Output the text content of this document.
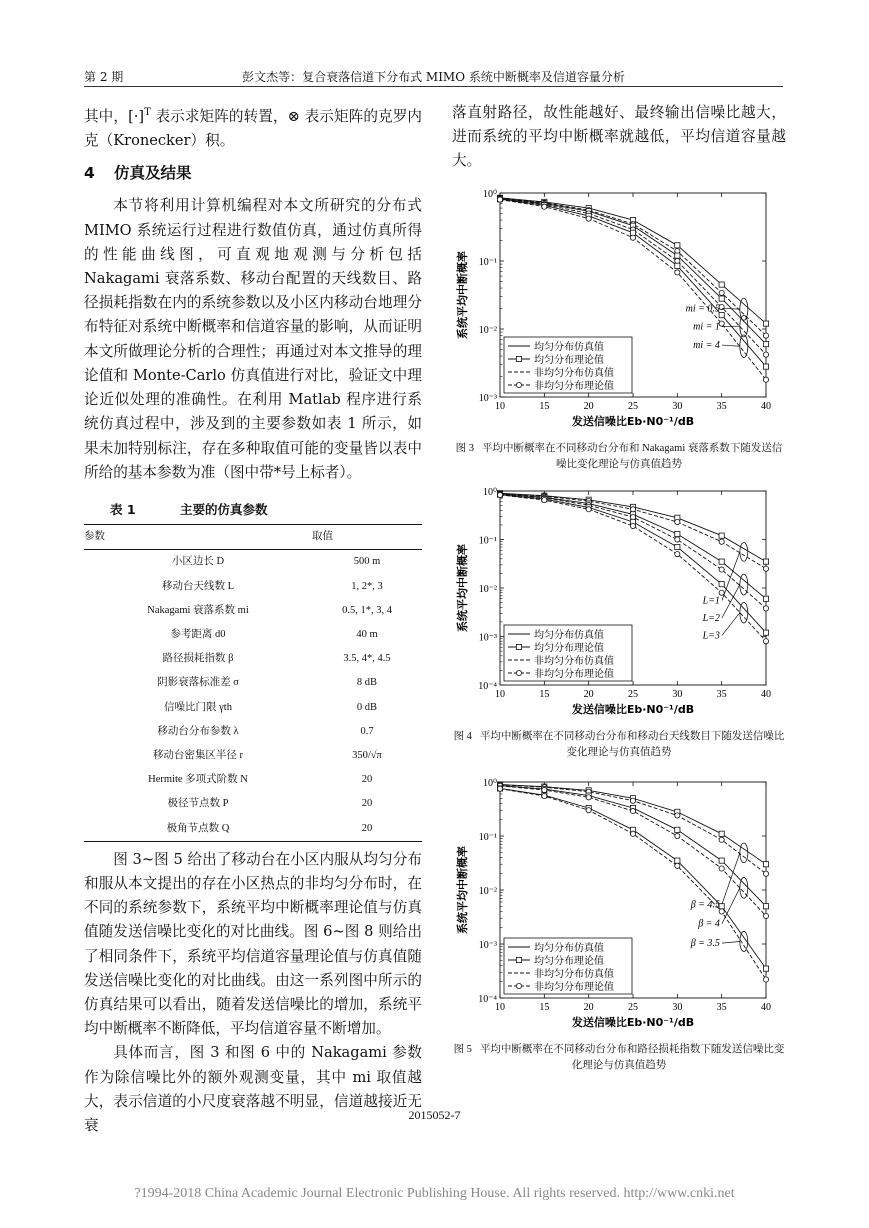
第 2 期	彭文杰等：复合衰落信道下分布式 MIMO 系统中断概率及信道容量分析

其中，$[\cdot]^T$ 表示求矩阵的转置，⊗ 表示矩阵的克罗内克（Kronecker）积。

4	仿真及结果

本节将利用计算机编程对本文所研究的分布式 MIMO 系统运行过程进行数值仿真，通过仿真所得的性能曲线图，可直观地观测与分析包括 Nakagami 衰落系数、移动台配置的天线数目、路径损耗指数在内的系统参数以及小区内移动台地理分布特征对系统中断概率和信道容量的影响，从而证明本文所做理论分析的合理性；再通过对本文推导的理论值和 Monte-Carlo 仿真值进行对比，验证文中理论近似处理的准确性。在利用 Matlab 程序进行系统仿真过程中，涉及到的主要参数如表 1 所示，如果未加特别标注，存在多种取值可能的变量皆以表中所给的基本参数为准（图中带*号上标者）。

表 1	主要的仿真参数
参数	取值
小区边长 D	500 m
移动台天线数 L	1, 2*, 3
Nakagami 衰落系数 mi	0.5, 1*, 3, 4
参考距离 d0	40 m
路径损耗指数 β	3.5, 4*, 4.5
阴影衰落标准差 σ	8 dB
信噪比门限 γth	0 dB
移动台分布参数 λ	0.7
移动台密集区半径 r	350/√π
Hermite 多项式阶数 N	20
极径节点数 P	20
极角节点数 Q	20

图 3~图 5 给出了移动台在小区内服从均匀分布和服从本文提出的存在小区热点的非均匀分布时，在不同的系统参数下，系统平均中断概率理论值与仿真值随发送信噪比变化的对比曲线。图 6~图 8 则给出了相同条件下，系统平均信道容量理论值与仿真值随发送信噪比变化的对比曲线。由这一系列图中所示的仿真结果可以看出，随着发送信噪比的增加，系统平均中断概率不断降低，平均信道容量不断增加。

具体而言，图 3 和图 6 中的 Nakagami 参数作为除信噪比外的额外观测变量，其中 mi 取值越大，表示信道的小尺度衰落越不明显，信道越接近无衰

落直射路径，故性能越好、最终输出信噪比越大，进而系统的平均中断概率就越低，平均信道容量越大。

10	15	20	25	30	35	40
10⁰
10⁻¹
10⁻²
10⁻³
发送信噪比Eb·N0⁻¹/dB
系统平均中断概率	mi = 0.5
mi = 1
mi = 4
均匀分布仿真值
均匀分布理论值
非均匀分布仿真值
非均匀分布理论值
图 3 平均中断概率在不同移动台分布和 Nakagami 衰落系数下随发送信噪比变化理论与仿真值趋势
10	15	20	25	30	35	40
10⁰
10⁻¹
10⁻²
10⁻³
10⁻⁴
发送信噪比Eb·N0⁻¹/dB
系统平均中断概率	L=1
L=2
L=3
均匀分布仿真值
均匀分布理论值
非均匀分布仿真值
非均匀分布理论值
图 4 平均中断概率在不同移动台分布和移动台天线数目下随发送信噪比变化理论与仿真值趋势
10	15	20	25	30	35	40
10⁰
10⁻¹
10⁻²
10⁻³
10⁻⁴
发送信噪比Eb·N0⁻¹/dB
系统平均中断概率	β = 4.5
β = 4
β = 3.5
均匀分布仿真值
均匀分布理论值
非均匀分布仿真值
非均匀分布理论值
图 5 平均中断概率在不同移动台分布和路径损耗指数下随发送信噪比变化理论与仿真值趋势
2015052-7
?1994-2018 China Academic Journal Electronic Publishing House. All rights reserved. http://www.cnki.net
